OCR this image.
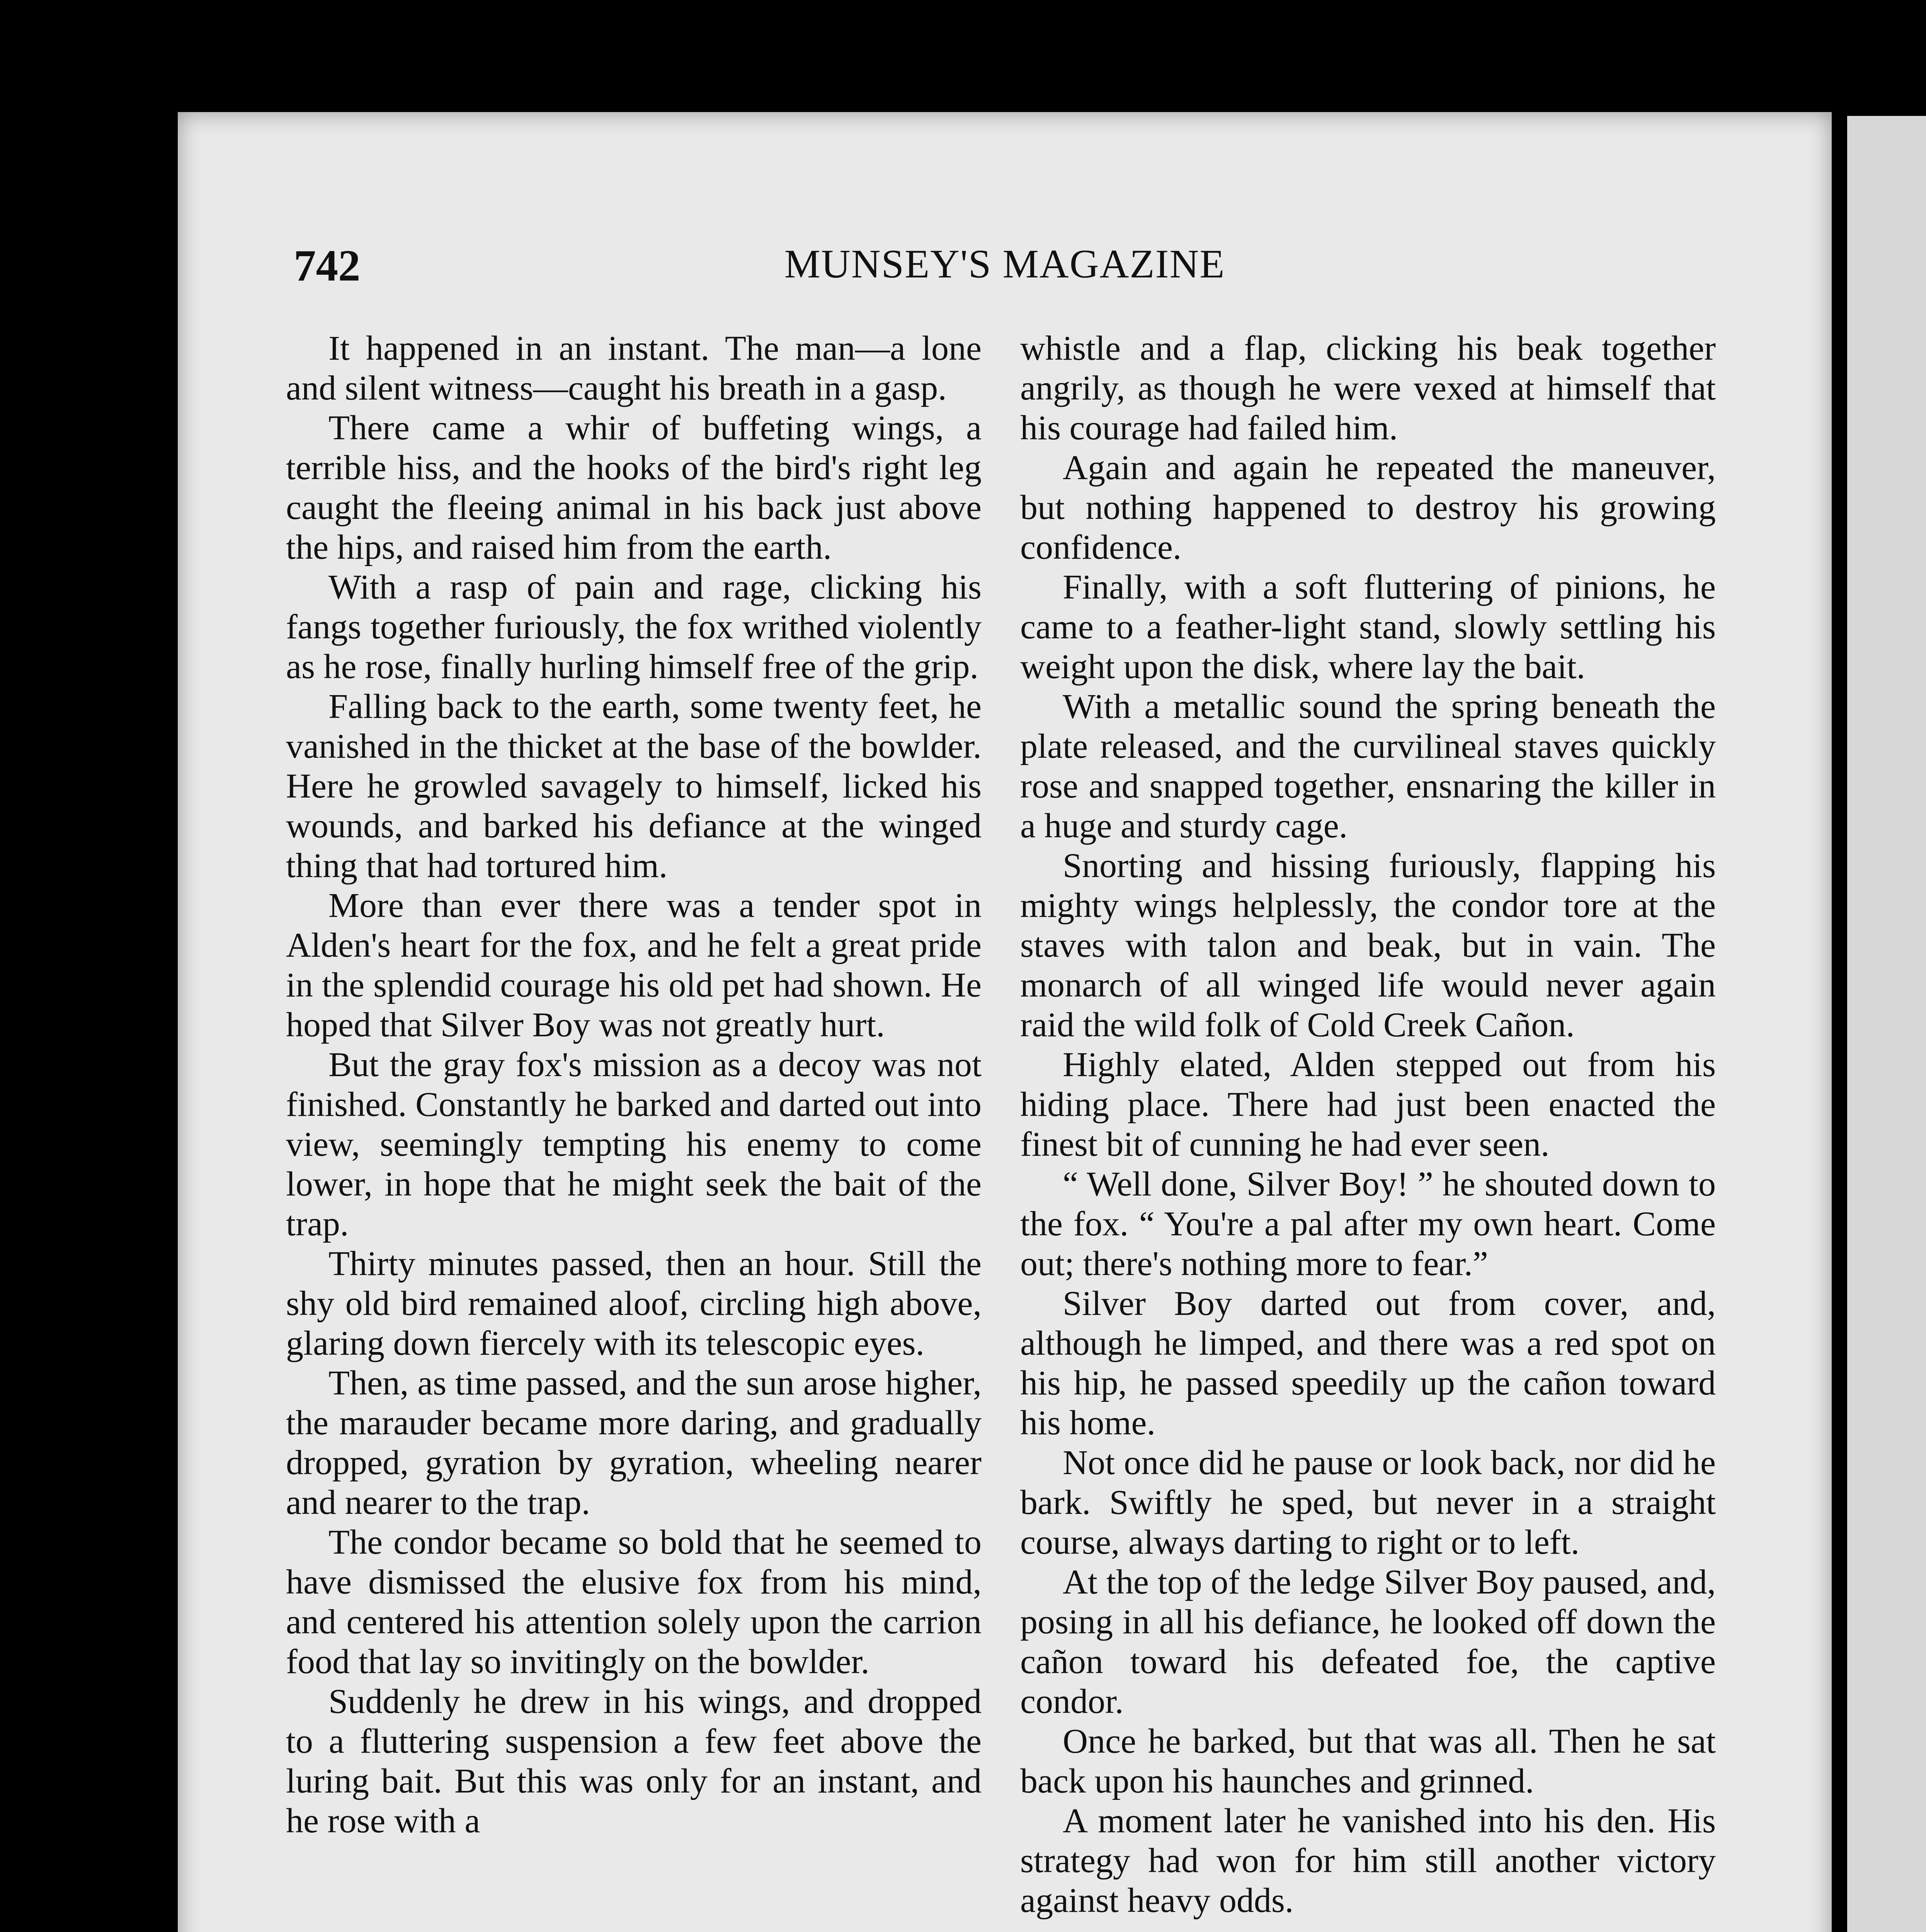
742	MUNSEY'S MAGAZINE

It happened in an instant. The man—a lone and silent witness—caught his breath in a gasp.

There came a whir of buffeting wings, a terrible hiss, and the hooks of the bird's right leg caught the fleeing animal in his back just above the hips, and raised him from the earth.

With a rasp of pain and rage, clicking his fangs together furiously, the fox writhed violently as he rose, finally hurling himself free of the grip.

Falling back to the earth, some twenty feet, he vanished in the thicket at the base of the bowlder. Here he growled savagely to himself, licked his wounds, and barked his defiance at the winged thing that had tortured him.

More than ever there was a tender spot in Alden's heart for the fox, and he felt a great pride in the splendid courage his old pet had shown. He hoped that Silver Boy was not greatly hurt.

But the gray fox's mission as a decoy was not finished. Constantly he barked and darted out into view, seemingly tempting his enemy to come lower, in hope that he might seek the bait of the trap.

Thirty minutes passed, then an hour. Still the shy old bird remained aloof, circling high above, glaring down fiercely with its telescopic eyes.

Then, as time passed, and the sun arose higher, the marauder became more daring, and gradually dropped, gyration by gyration, wheeling nearer and nearer to the trap.

The condor became so bold that he seemed to have dismissed the elusive fox from his mind, and centered his attention solely upon the carrion food that lay so invitingly on the bowlder.

Suddenly he drew in his wings, and dropped to a fluttering suspension a few feet above the luring bait. But this was only for an instant, and he rose with a

whistle and a flap, clicking his beak together angrily, as though he were vexed at himself that his courage had failed him.

Again and again he repeated the maneuver, but nothing happened to destroy his growing confidence.

Finally, with a soft fluttering of pinions, he came to a feather-light stand, slowly settling his weight upon the disk, where lay the bait.

With a metallic sound the spring beneath the plate released, and the curvilineal staves quickly rose and snapped together, ensnaring the killer in a huge and sturdy cage.

Snorting and hissing furiously, flapping his mighty wings helplessly, the condor tore at the staves with talon and beak, but in vain. The monarch of all winged life would never again raid the wild folk of Cold Creek Cañon.

Highly elated, Alden stepped out from his hiding place. There had just been enacted the finest bit of cunning he had ever seen.

“ Well done, Silver Boy! ” he shouted down to the fox. “ You're a pal after my own heart. Come out; there's nothing more to fear.”

Silver Boy darted out from cover, and, although he limped, and there was a red spot on his hip, he passed speedily up the cañon toward his home.

Not once did he pause or look back, nor did he bark. Swiftly he sped, but never in a straight course, always darting to right or to left.

At the top of the ledge Silver Boy paused, and, posing in all his defiance, he looked off down the cañon toward his defeated foe, the captive condor.

Once he barked, but that was all. Then he sat back upon his haunches and grinned.

A moment later he vanished into his den. His strategy had won for him still another victory against heavy odds.
